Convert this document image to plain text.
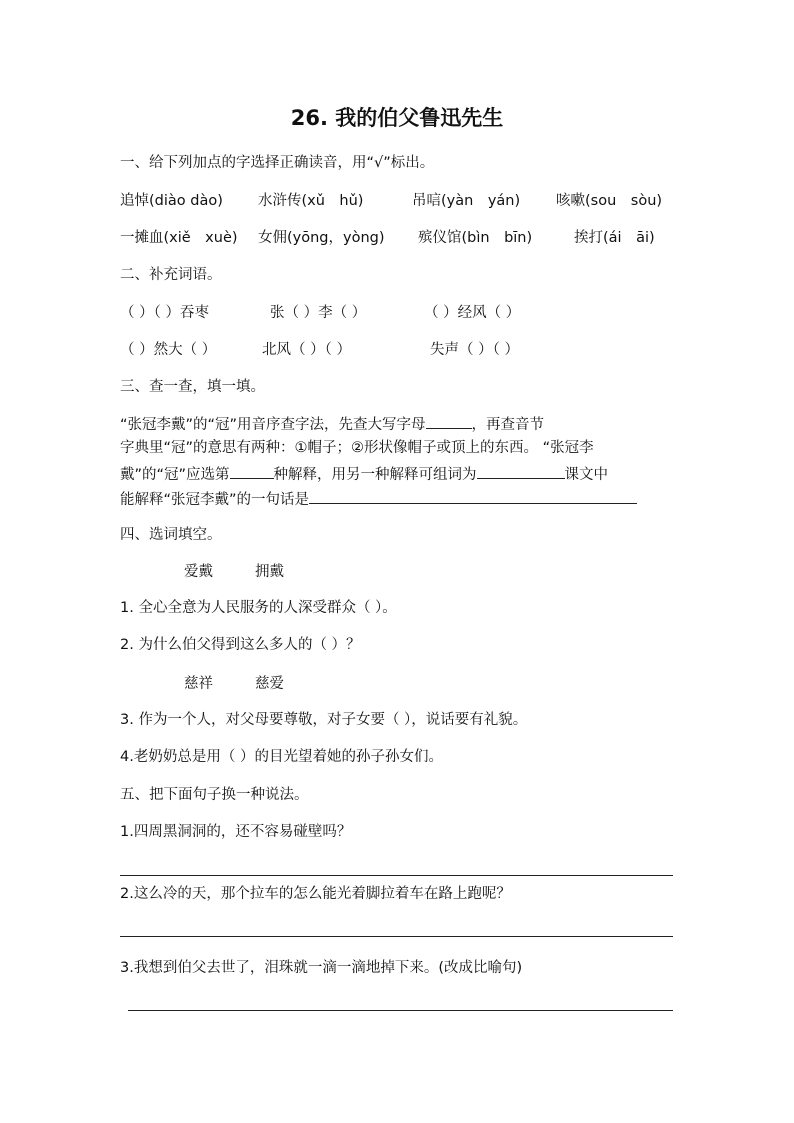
26. 我的伯父鲁迅先生
一、给下列加点的字选择正确读音，用“√”标出。
追悼(diào dào) 水浒传(xǔ　hǔ)	吊唁(yàn　yán) 咳嗽(sou　sòu)
一摊血(xiě　xuè) 女佣(yōng，yòng) 殡仪馆(bìn　bīn)	挨打(ái　āi)
二、补充词语。
（ ）（ ）吞枣	张（ ）李（ ）	（ ）经风（ ）
（ ）然大（ ）	北风（ ）（ ）	失声（ ）（ ）
三、查一查，填一填。
“张冠李戴”的“冠”用音序查字法，先查大写字母	，再查音节
字典里“冠”的意思有两种：①帽子；②形状像帽子或顶上的东西。 “张冠李
戴”的“冠”应选第	种解释，用另一种解释可组词为	课文中
能解释“张冠李戴”的一句话是
四、选词填空。
爱戴	拥戴
1. 全心全意为人民服务的人深受群众（ ）。
2. 为什么伯父得到这么多人的（ ）？
慈祥	慈爱
3. 作为一个人，对父母要尊敬，对子女要（ ），说话要有礼貌。
4.老奶奶总是用（ ）的目光望着她的孙子孙女们。
五、把下面句子换一种说法。
1.四周黑洞洞的，还不容易碰壁吗？
2.这么冷的天，那个拉车的怎么能光着脚拉着车在路上跑呢？
3.我想到伯父去世了，泪珠就一滴一滴地掉下来。(改成比喻句)
